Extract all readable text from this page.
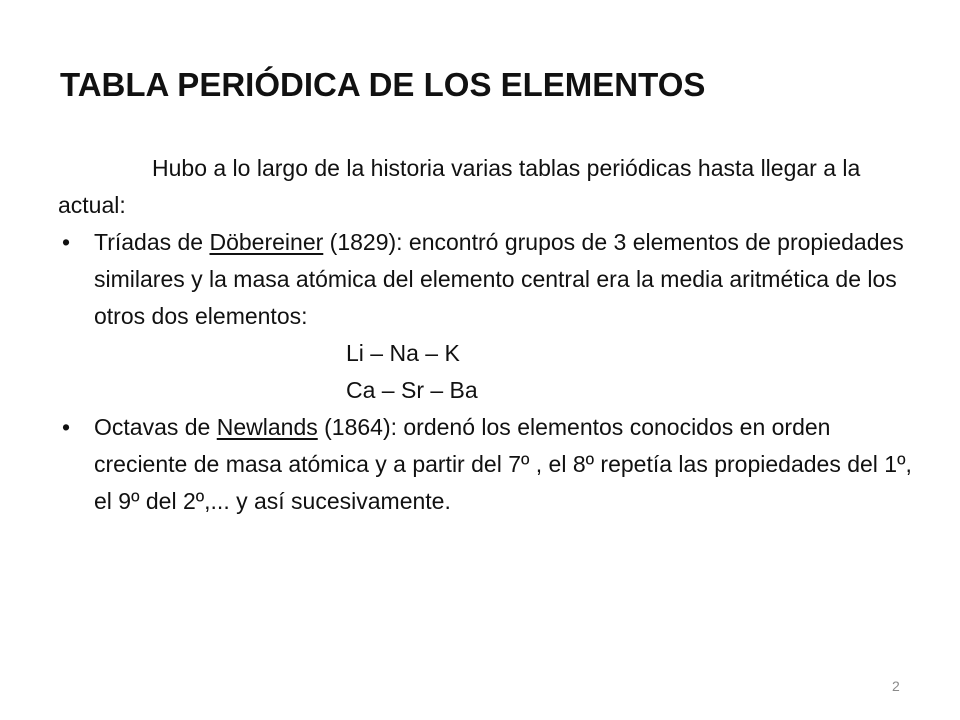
TABLA PERIÓDICA DE LOS ELEMENTOS

Hubo a lo largo de la historia varias tablas periódicas hasta llegar a la actual:

•	Tríadas de Döbereiner (1829): encontró grupos de 3 elementos de propiedades similares y la masa atómica del elemento central era la media aritmética de los otros dos elementos:

Li – Na – K

Ca – Sr – Ba

•	Octavas de Newlands (1864): ordenó los elementos conocidos en orden creciente de masa atómica y a partir del 7º , el 8º repetía las propiedades del 1º, el 9º del 2º,... y así sucesivamente.
2
